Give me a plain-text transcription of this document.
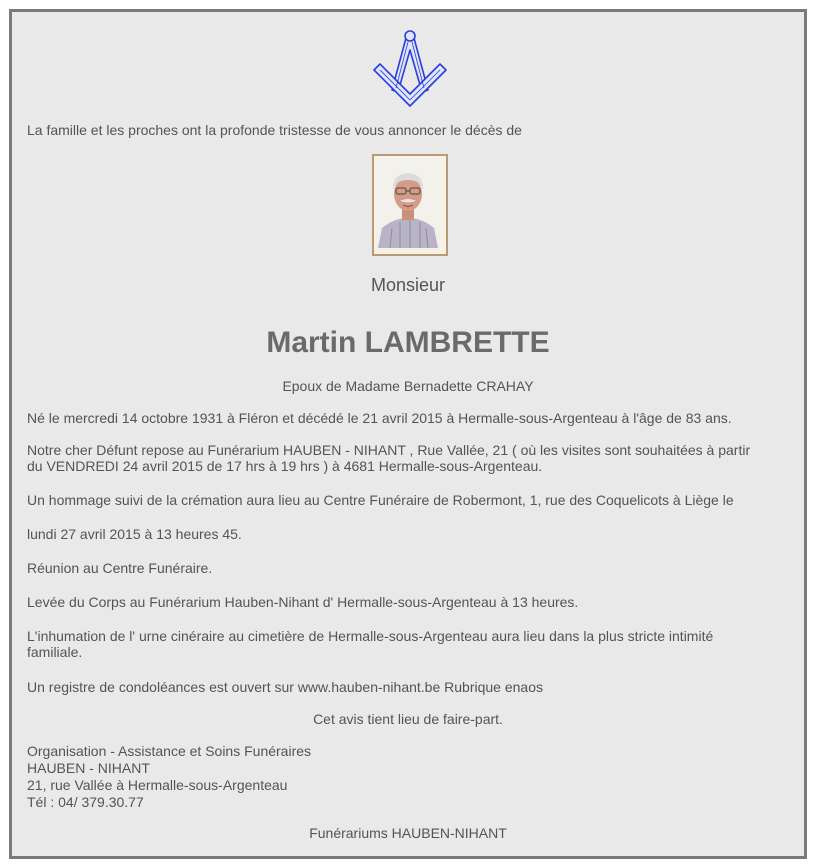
La famille et les proches ont la profonde tristesse de vous annoncer le décès de

Monsieur

Martin LAMBRETTE

Epoux de Madame Bernadette CRAHAY

Né le mercredi 14 octobre 1931 à Fléron et décédé le 21 avril 2015 à Hermalle-sous-Argenteau à l'âge de 83 ans.

Notre cher Défunt repose au Funérarium HAUBEN - NIHANT , Rue Vallée, 21 ( où les visites sont souhaitées à partir

du VENDREDI 24 avril 2015 de 17 hrs à 19 hrs ) à 4681 Hermalle-sous-Argenteau.

Un hommage suivi de la crémation aura lieu au Centre Funéraire de Robermont, 1, rue des Coquelicots à Liège le

lundi 27 avril 2015 à 13 heures 45.

Réunion au Centre Funéraire.

Levée du Corps au Funérarium Hauben-Nihant d' Hermalle-sous-Argenteau à 13 heures.

L'inhumation de l' urne cinéraire au cimetière de Hermalle-sous-Argenteau aura lieu dans la plus stricte intimité

familiale.

Un registre de condoléances est ouvert sur www.hauben-nihant.be Rubrique enaos

Cet avis tient lieu de faire-part.

Organisation - Assistance et Soins Funéraires

HAUBEN - NIHANT

21, rue Vallée à Hermalle-sous-Argenteau

Tél : 04/ 379.30.77

Funérariums HAUBEN-NIHANT
